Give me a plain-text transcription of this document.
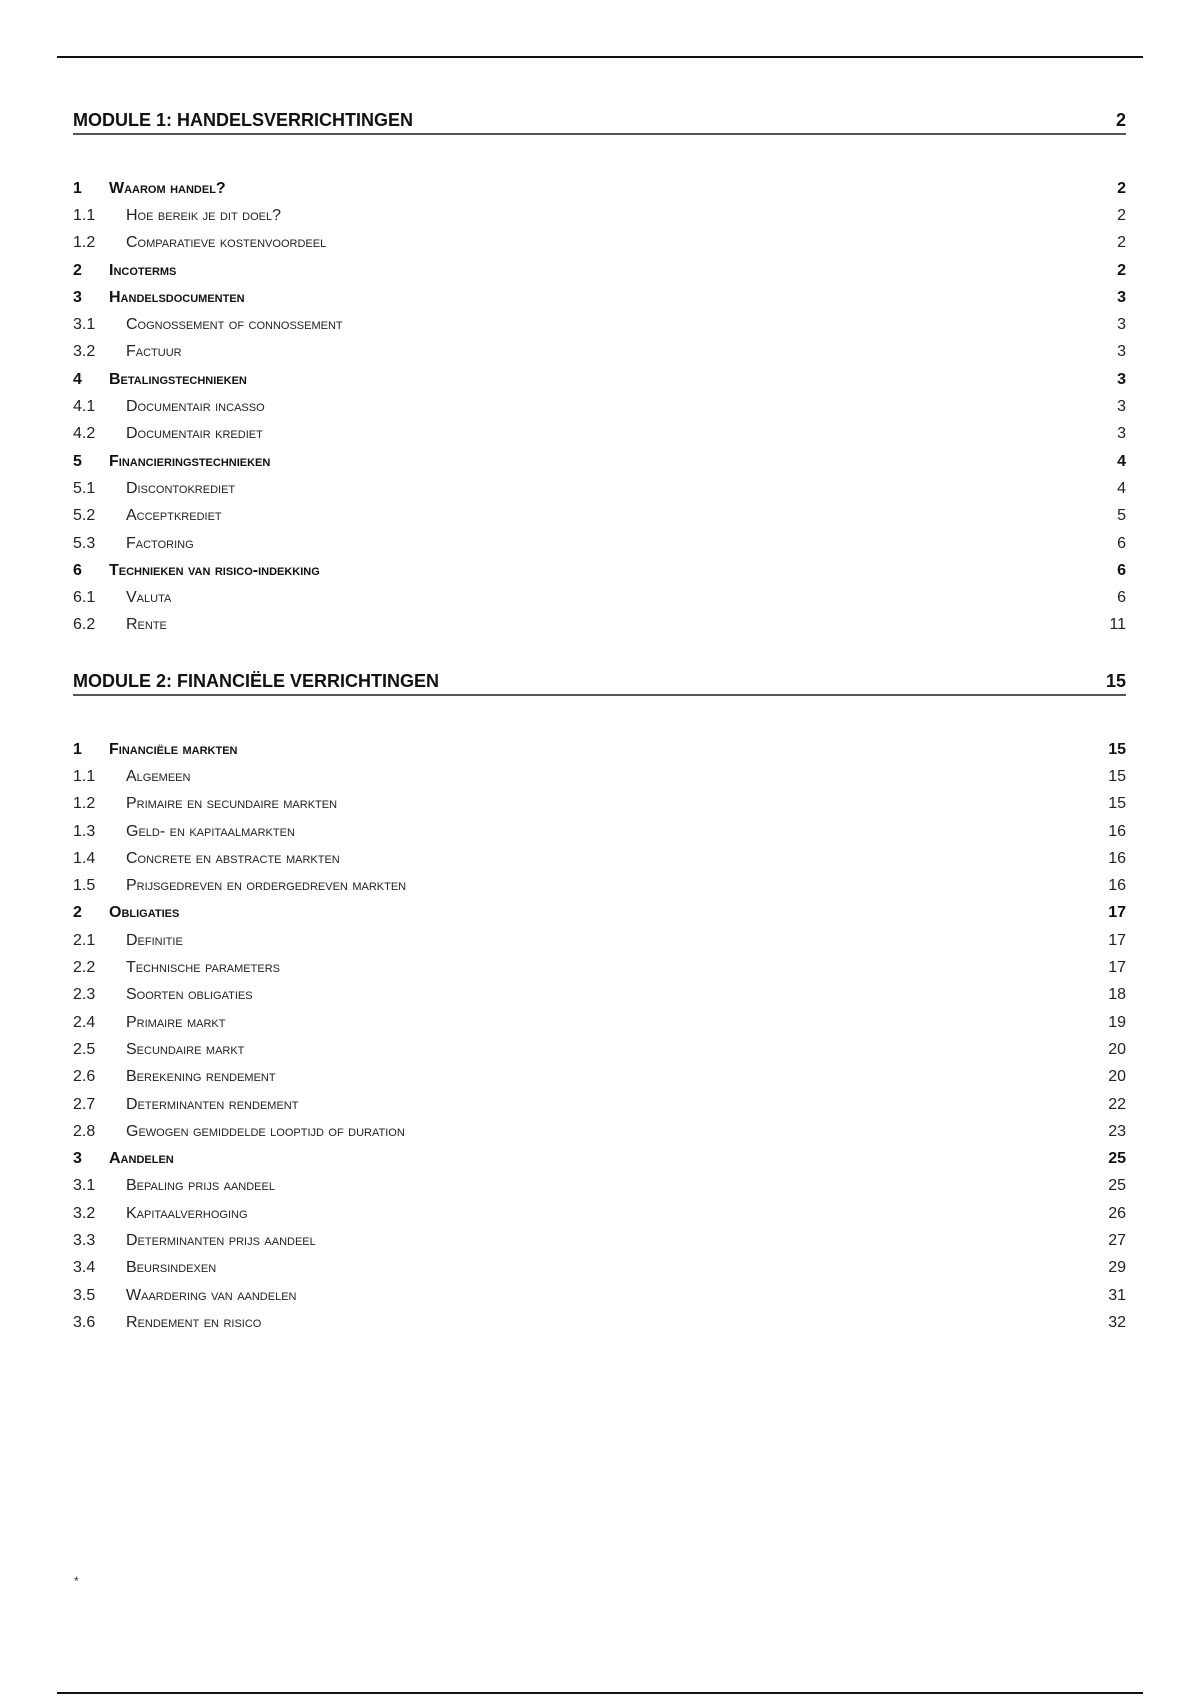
MODULE 1: HANDELSVERRICHTINGEN	2
1	Waarom handel?	2
1.1	Hoe bereik je dit doel?	2
1.2	Comparatieve kostenvoordeel	2
2	Incoterms	2
3	Handelsdocumenten	3
3.1	Cognossement of connossement	3
3.2	Factuur	3
4	Betalingstechnieken	3
4.1	Documentair incasso	3
4.2	Documentair krediet	3
5	Financieringstechnieken	4
5.1	Discontokrediet	4
5.2	Acceptkrediet	5
5.3	Factoring	6
6	Technieken van risico-indekking	6
6.1	Valuta	6
6.2	Rente	11
MODULE 2: FINANCIËLE VERRICHTINGEN	15
1	Financiële markten	15
1.1	Algemeen	15
1.2	Primaire en secundaire markten	15
1.3	Geld- en kapitaalmarkten	16
1.4	Concrete en abstracte markten	16
1.5	Prijsgedreven en ordergedreven markten	16
2	Obligaties	17
2.1	Definitie	17
2.2	Technische parameters	17
2.3	Soorten obligaties	18
2.4	Primaire markt	19
2.5	Secundaire markt	20
2.6	Berekening rendement	20
2.7	Determinanten rendement	22
2.8	Gewogen gemiddelde looptijd of duration	23
3	Aandelen	25
3.1	Bepaling prijs aandeel	25
3.2	Kapitaalverhoging	26
3.3	Determinanten prijs aandeel	27
3.4	Beursindexen	29
3.5	Waardering van aandelen	31
3.6	Rendement en risico	32
*
